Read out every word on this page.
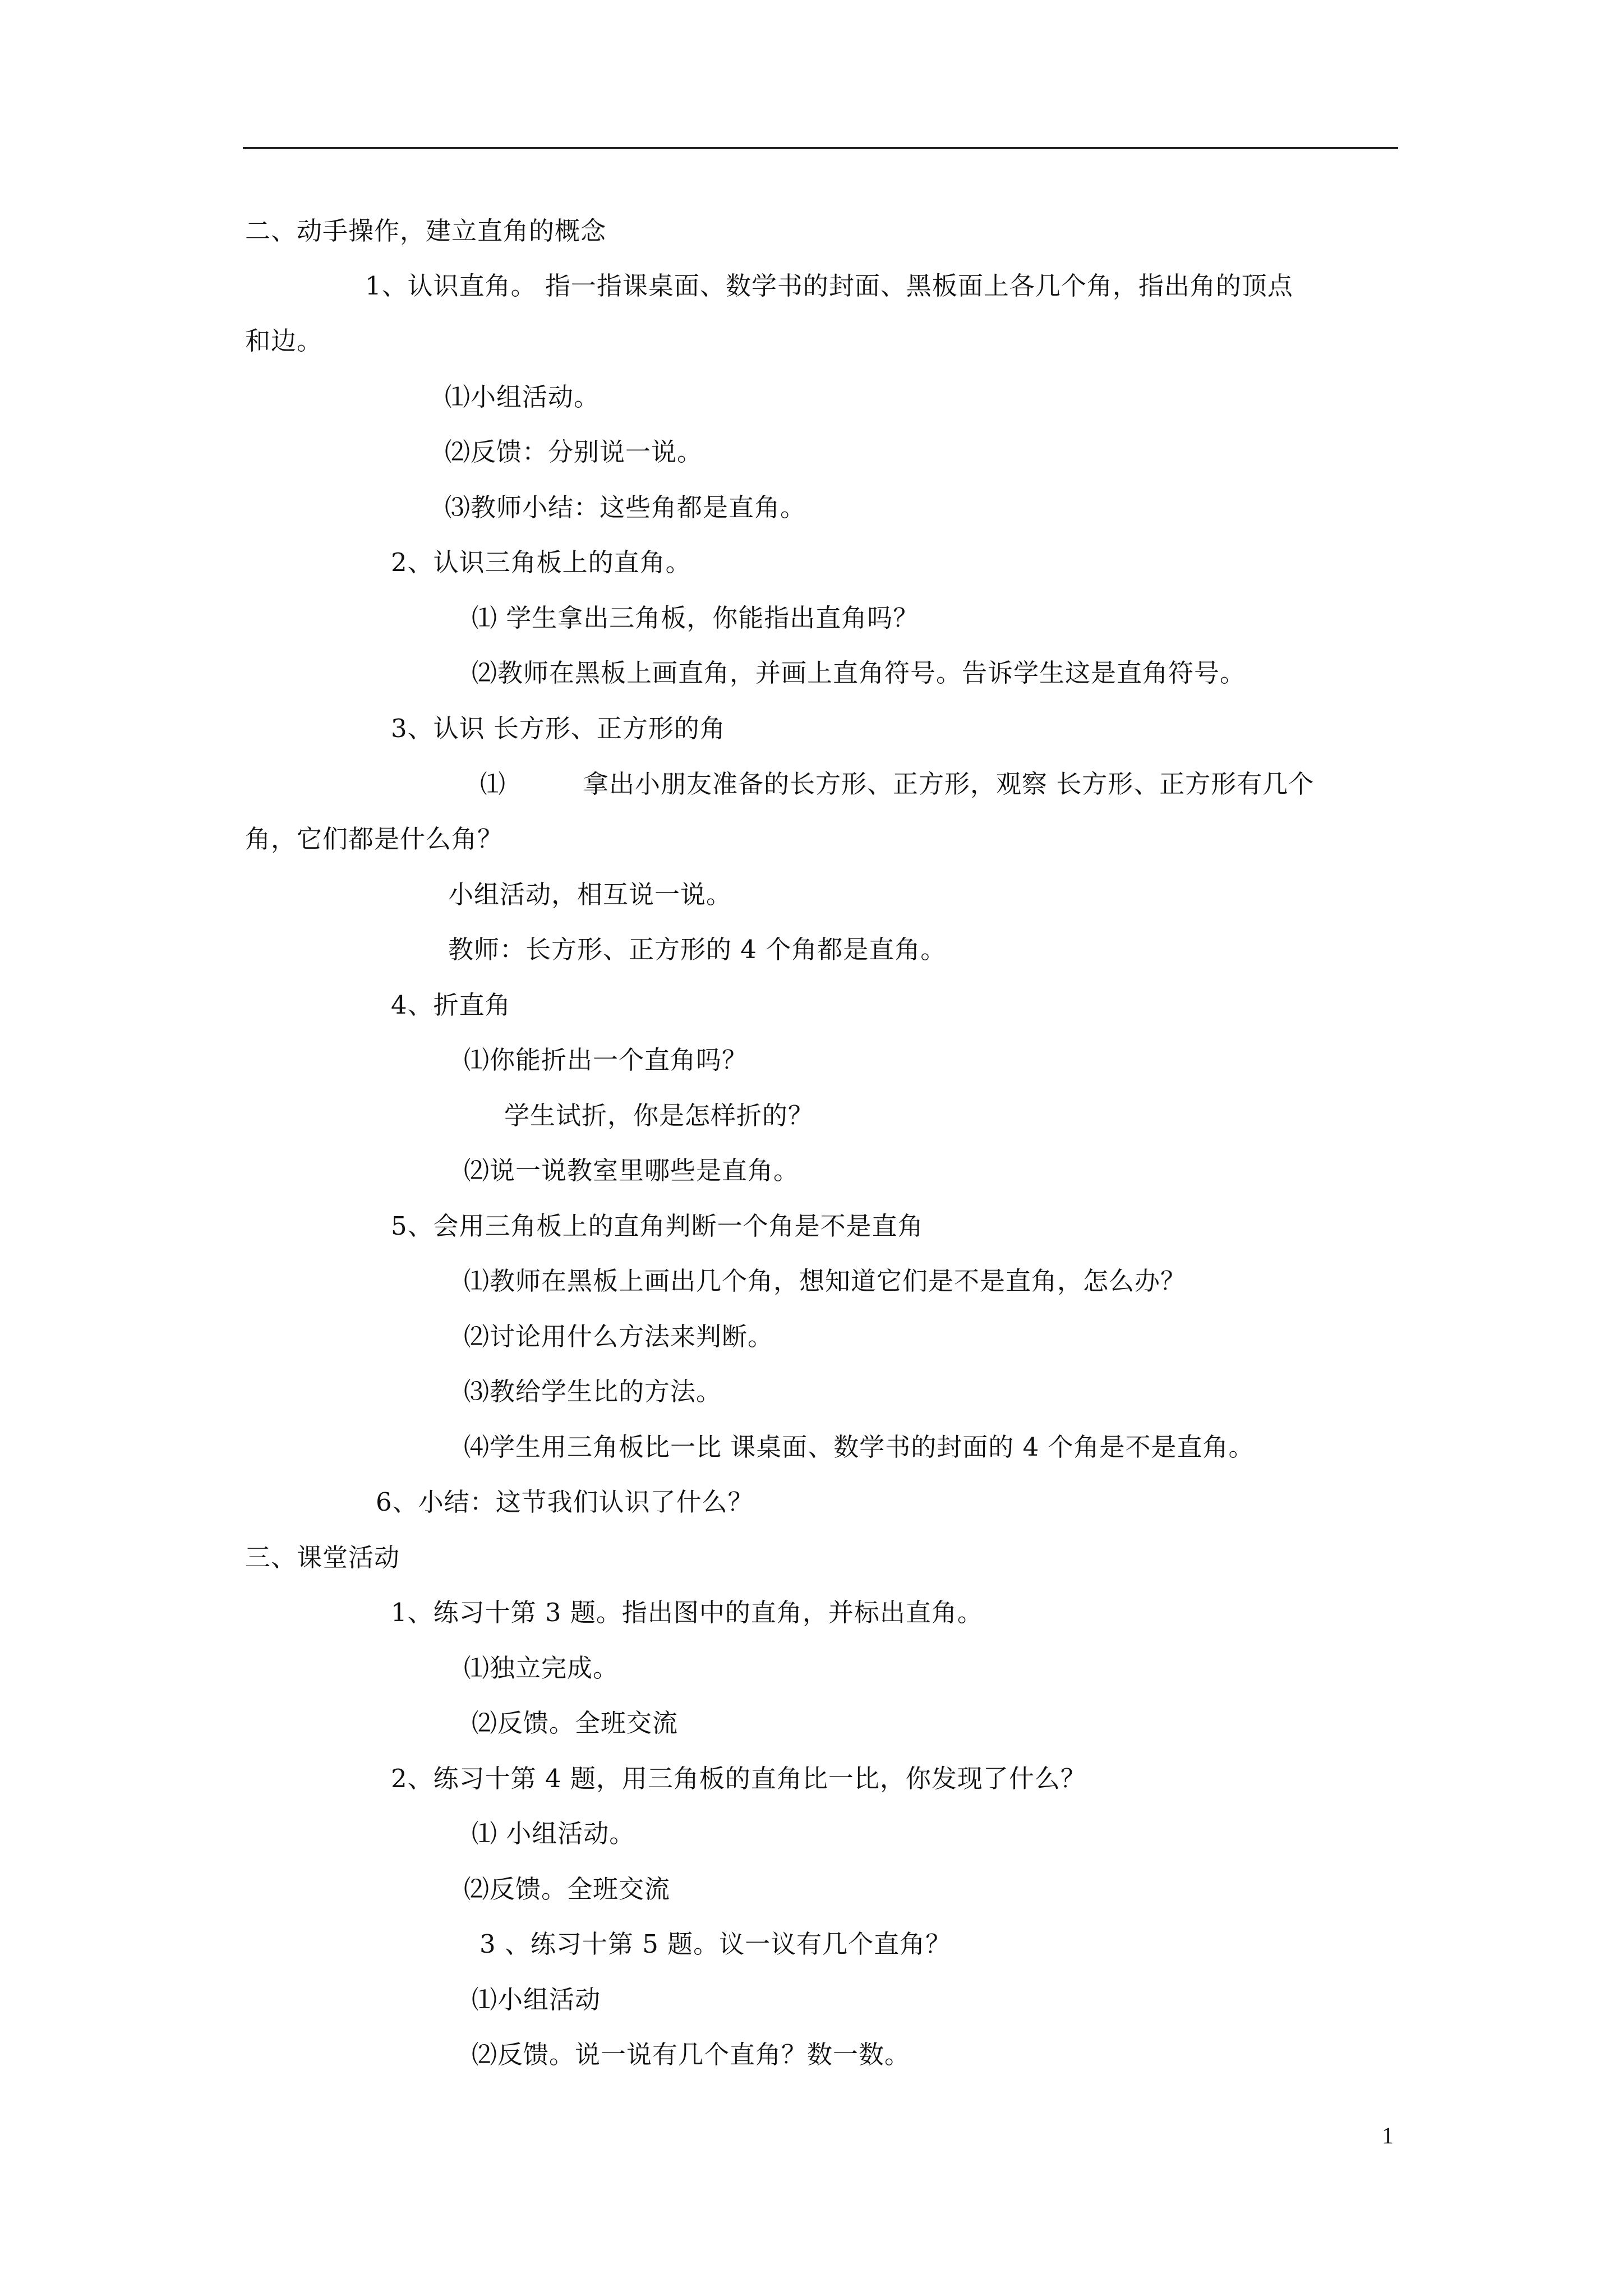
二、动手操作，建立直角的概念
1、认识直角。 指一指课桌面、数学书的封面、黑板面上各几个角，指出角的顶点
和边。
⑴小组活动。
⑵反馈：分别说一说。
⑶教师小结：这些角都是直角。
2、认识三角板上的直角。
⑴ 学生拿出三角板，你能指出直角吗？
⑵教师在黑板上画直角，并画上直角符号。告诉学生这是直角符号。
3、认识 长方形、正方形的角
⑴	拿出小朋友准备的长方形、正方形，观察 长方形、正方形有几个
角，它们都是什么角？
小组活动，相互说一说。
教师：长方形、正方形的 4 个角都是直角。
4、折直角
⑴你能折出一个直角吗？
学生试折，你是怎样折的？
⑵说一说教室里哪些是直角。
5、会用三角板上的直角判断一个角是不是直角
⑴教师在黑板上画出几个角，想知道它们是不是直角，怎么办？
⑵讨论用什么方法来判断。
⑶教给学生比的方法。
⑷学生用三角板比一比 课桌面、数学书的封面的 4 个角是不是直角。
6、小结：这节我们认识了什么？
三、课堂活动
1、练习十第 3 题。指出图中的直角，并标出直角。
⑴独立完成。
⑵反馈。全班交流
2、练习十第 4 题，用三角板的直角比一比，你发现了什么？
⑴ 小组活动。
⑵反馈。全班交流
3 、练习十第 5 题。议一议有几个直角？
⑴小组活动
⑵反馈。说一说有几个直角？数一数。
1
